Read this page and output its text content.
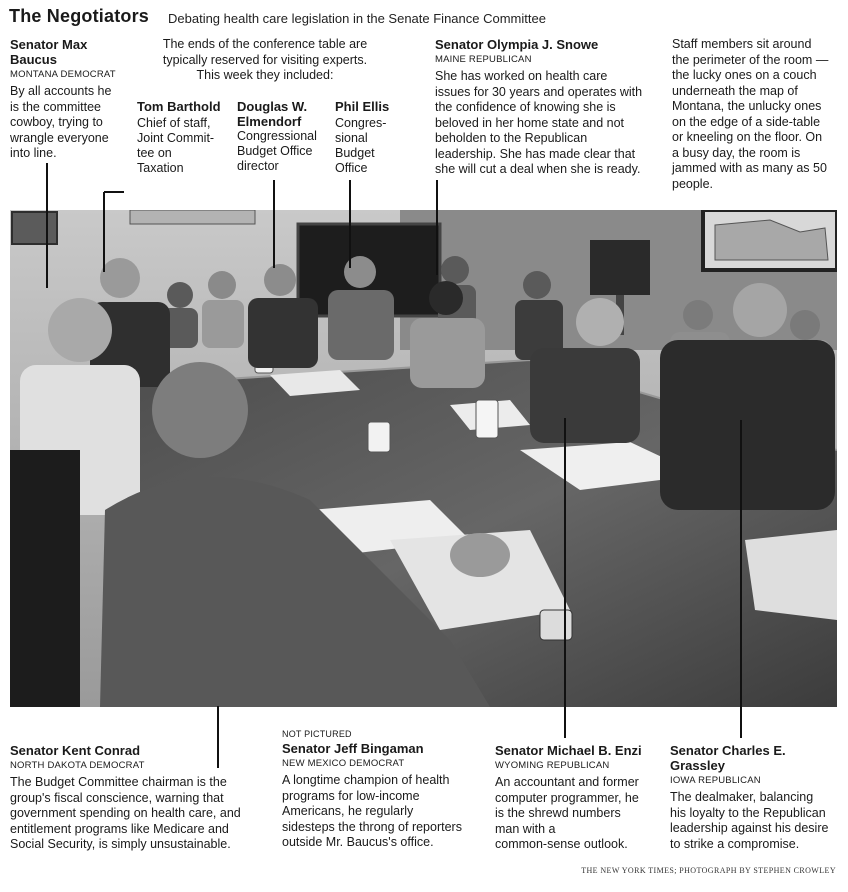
The Negotiators Debating health care legislation in the Senate Finance Committee
Senator Max
Baucus
MONTANA DEMOCRAT
By all accounts he
is the committee
cowboy, trying to
wrangle everyone
into line.
The ends of the conference table are
typically reserved for visiting experts.
This week they included:
Tom Barthold
Chief of staff,
Joint Commit-
tee on
Taxation
Douglas W.
Elmendorf
Congressional
Budget Office
director
Phil Ellis
Congres-
sional
Budget
Office
Senator Olympia J. Snowe
MAINE REPUBLICAN
She has worked on health care
issues for 30 years and operates with
the confidence of knowing she is
beloved in her home state and not
beholden to the Republican
leadership. She has made clear that
she will cut a deal when she is ready.
Staff members sit around
the perimeter of the room —
the lucky ones on a couch
underneath the map of
Montana, the unlucky ones
on the edge of a side-table
or kneeling on the floor. On
a busy day, the room is
jammed with as many as 50
people.
Senator Kent Conrad
NORTH DAKOTA DEMOCRAT
The Budget Committee chairman is the
group's fiscal conscience, warning that
government spending on health care, and
entitlement programs like Medicare and
Social Security, is simply unsustainable.
NOT PICTURED
Senator Jeff Bingaman
NEW MEXICO DEMOCRAT
A longtime champion of health
programs for low-income
Americans, he regularly
sidesteps the throng of reporters
outside Mr. Baucus's office.
Senator Michael B. Enzi
WYOMING REPUBLICAN
An accountant and former
computer programmer, he
is the shrewd numbers
man with a
common-sense outlook.
Senator Charles E.
Grassley
IOWA REPUBLICAN
The dealmaker, balancing
his loyalty to the Republican
leadership against his desire
to strike a compromise.
THE NEW YORK TIMES; PHOTOGRAPH BY STEPHEN CROWLEY
